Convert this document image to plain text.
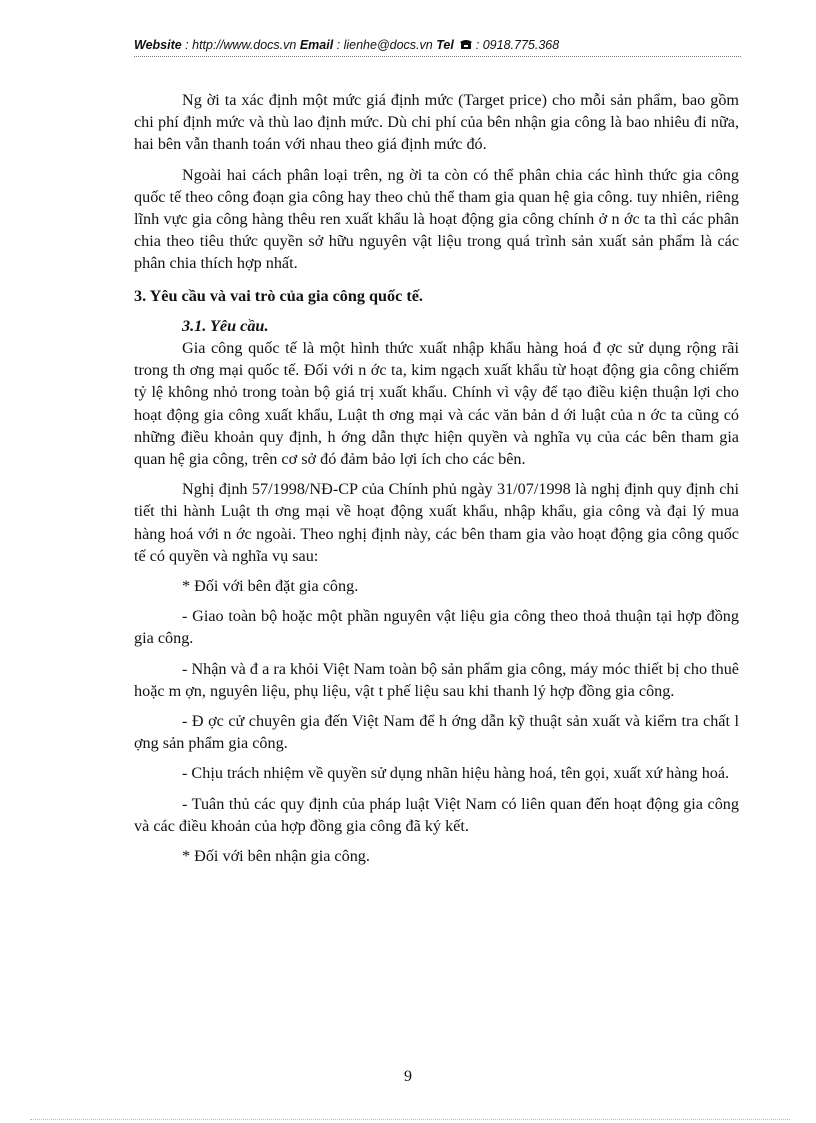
Website : http://www.docs.vn Email : lienhe@docs.vn Tel  : 0918.775.368

Ng ời ta xác định một mức giá định mức (Target price) cho mỗi sản phẩm, bao gồm chi phí định mức và thù lao định mức. Dù chi phí của bên nhận gia công là bao nhiêu đi nữa, hai bên vẫn thanh toán với nhau theo giá định mức đó.

Ngoài hai cách phân loại trên, ng ời ta còn có thể phân chia các hình thức gia công quốc tế theo công đoạn gia công hay theo chủ thể tham gia quan hệ gia công. tuy nhiên, riêng lĩnh vực gia công hàng thêu ren xuất khẩu là hoạt động gia công chính ở n ớc ta thì các phân chia theo tiêu thức quyền sở hữu nguyên vật liệu trong quá trình sản xuất sản phẩm là các phân chia thích hợp nhất.

3. Yêu cầu và vai trò của gia công quốc tế.

3.1. Yêu cầu.

Gia công quốc tế là một hình thức xuất nhập khẩu hàng hoá đ ợc sử dụng rộng rãi trong th ơng mại quốc tế. Đối với n ớc ta, kim ngạch xuất khẩu từ hoạt động gia công chiếm tỷ lệ không nhỏ trong toàn bộ giá trị xuất khẩu. Chính vì vậy để tạo điều kiện thuận lợi cho hoạt động gia công xuất khẩu, Luật th ơng mại và các văn bản d ới luật của n ớc ta cũng có những điều khoản quy định, h ớng dẫn thực hiện quyền và nghĩa vụ của các bên tham gia quan hệ gia công, trên cơ sở đó đảm bảo lợi ích cho các bên.

Nghị định 57/1998/NĐ-CP của Chính phủ ngày 31/07/1998 là nghị định quy định chi tiết thi hành Luật th ơng mại về hoạt động xuất khẩu, nhập khẩu, gia công và đại lý mua hàng hoá với n ớc ngoài. Theo nghị định này, các bên tham gia vào hoạt động gia công quốc tế có quyền và nghĩa vụ sau:

* Đối với bên đặt gia công.

- Giao toàn bộ hoặc một phần nguyên vật liệu gia công theo thoả thuận tại hợp đồng gia công.

- Nhận và đ a ra khỏi Việt Nam toàn bộ sản phẩm gia công, máy móc thiết bị cho thuê hoặc m ợn, nguyên liệu, phụ liệu, vật t phế liệu sau khi thanh lý hợp đồng gia công.

- Đ ợc cử chuyên gia đến Việt Nam để h ớng dẫn kỹ thuật sản xuất và kiểm tra chất l ợng sản phẩm gia công.

- Chịu trách nhiệm về quyền sử dụng nhãn hiệu hàng hoá, tên gọi, xuất xứ hàng hoá.

- Tuân thủ các quy định của pháp luật Việt Nam có liên quan đến hoạt động gia công và các điều khoản của hợp đồng gia công đã ký kết.

* Đối với bên nhận gia công.

9
